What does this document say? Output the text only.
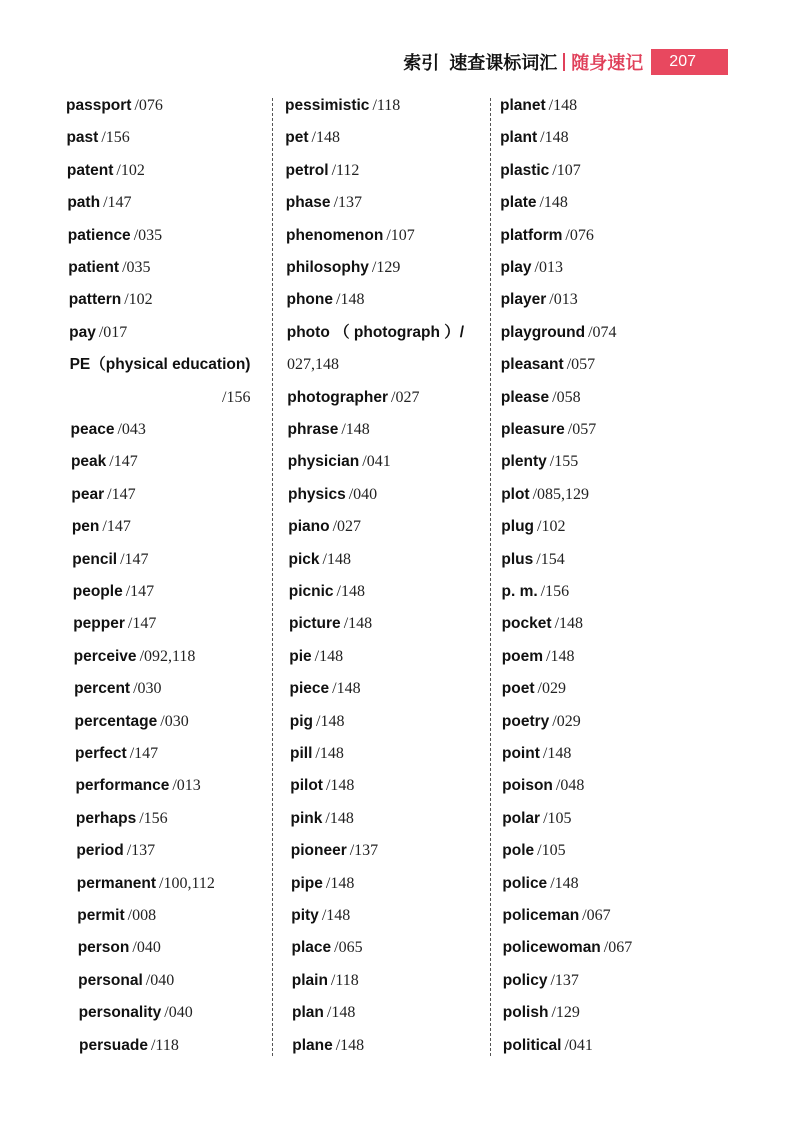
索引 速查课标词汇 随身速记	207
passport /076
past /156
patent /102
path /147
patience /035
patient /035
pattern /102
pay /017
PE（physical education)
/156
peace /043
peak /147
pear /147
pen /147
pencil /147
people /147
pepper /147
perceive /092,118
percent /030
percentage /030
perfect /147
performance /013
perhaps /156
period /137
permanent /100,112
permit /008
person /040
personal /040
personality /040
persuade /118
pessimistic /118
pet /148
petrol /112
phase /137
phenomenon /107
philosophy /129
phone /148
photo （ photograph ）/
027,148
photographer /027
phrase /148
physician /041
physics /040
piano /027
pick /148
picnic /148
picture /148
pie /148
piece /148
pig /148
pill /148
pilot /148
pink /148
pioneer /137
pipe /148
pity /148
place /065
plain /118
plan /148
plane /148
planet /148
plant /148
plastic /107
plate /148
platform /076
play /013
player /013
playground /074
pleasant /057
please /058
pleasure /057
plenty /155
plot /085,129
plug /102
plus /154
p. m. /156
pocket /148
poem /148
poet /029
poetry /029
point /148
poison /048
polar /105
pole /105
police /148
policeman /067
policewoman /067
policy /137
polish /129
political /041
